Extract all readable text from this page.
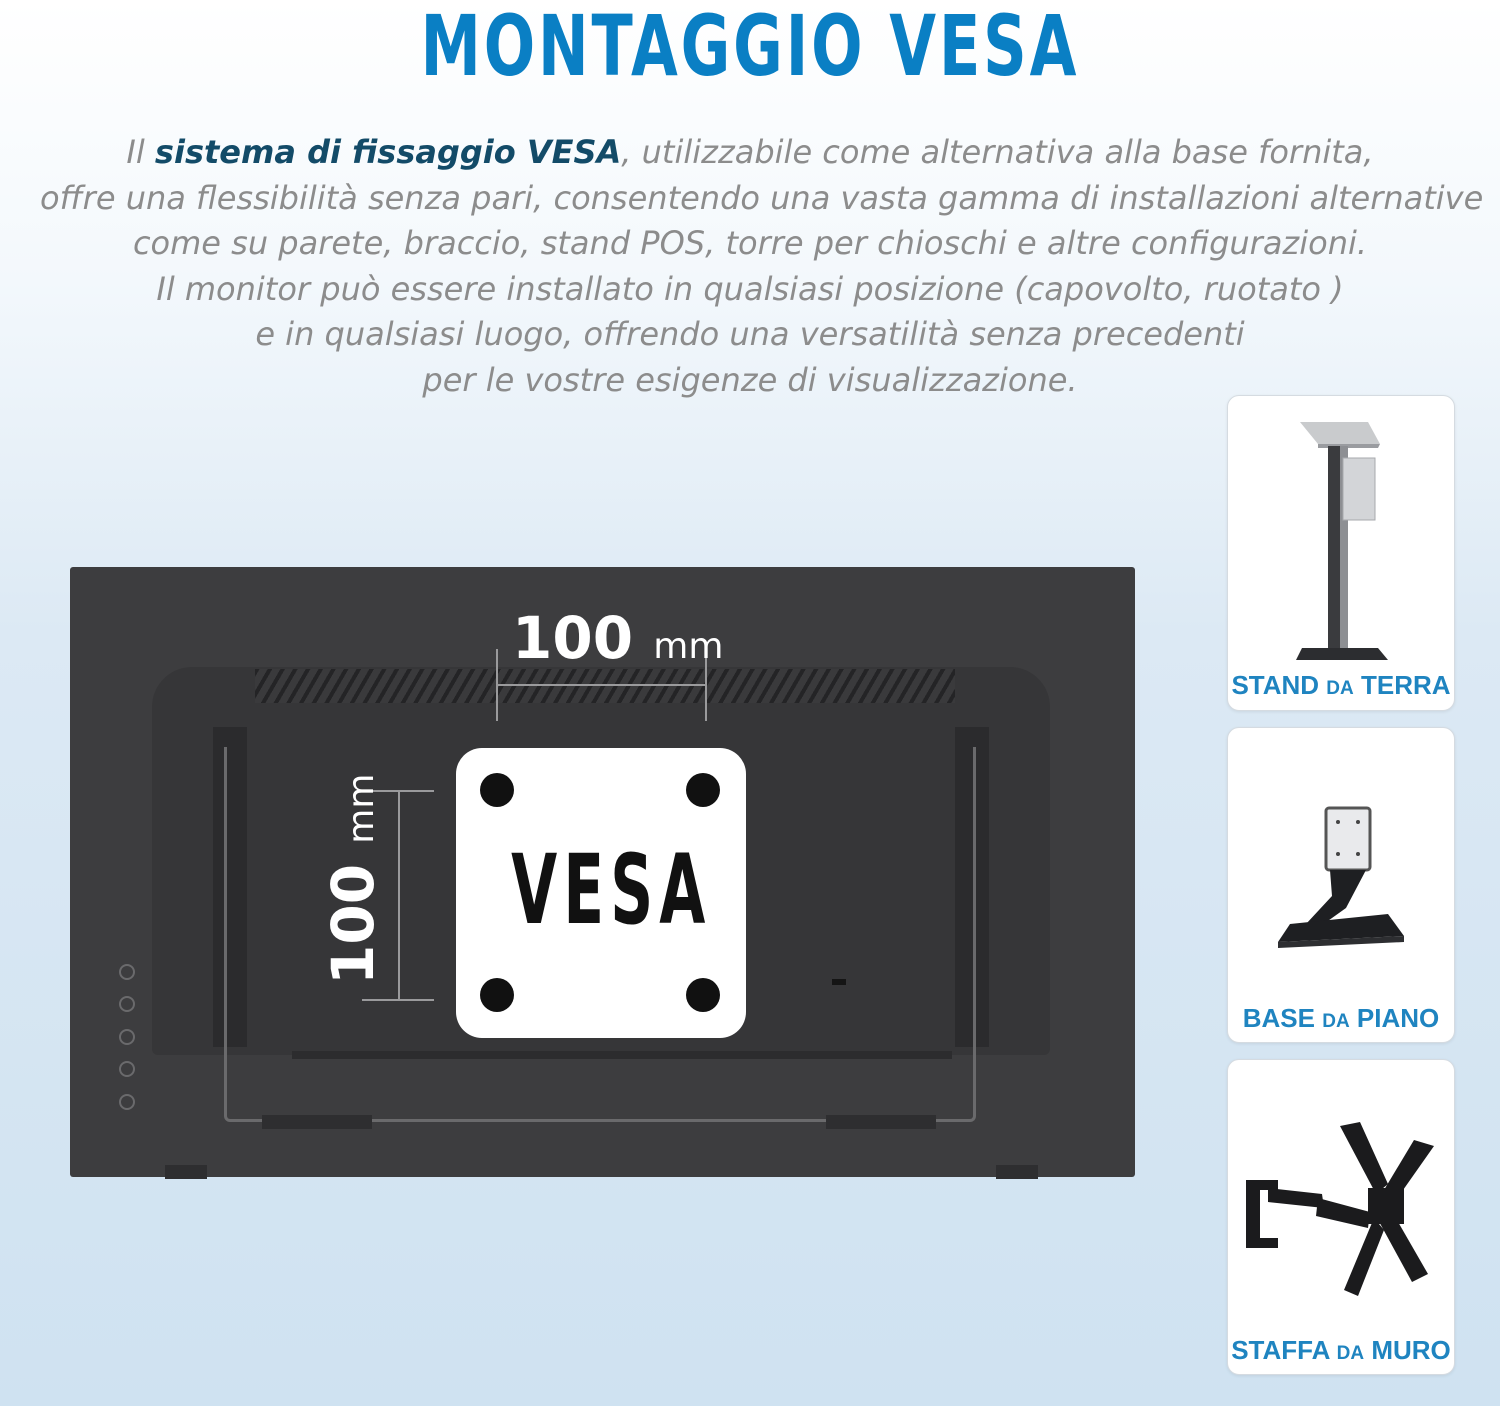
MONTAGGIO VESA
Il sistema di fissaggio VESA, utilizzabile come alternativa alla base fornita,
offre una flessibilità senza pari, consentendo una vasta gamma di installazioni alternative
come su parete, braccio, stand POS, torre per chioschi e altre configurazioni.
Il monitor può essere installato in qualsiasi posizione (capovolto, ruotato )
e in qualsiasi luogo, offrendo una versatilità senza precedenti
per le vostre esigenze di visualizzazione.
100 mm
100 mm
VESA
STAND DA TERRA
BASE DA PIANO
STAFFA DA MURO
